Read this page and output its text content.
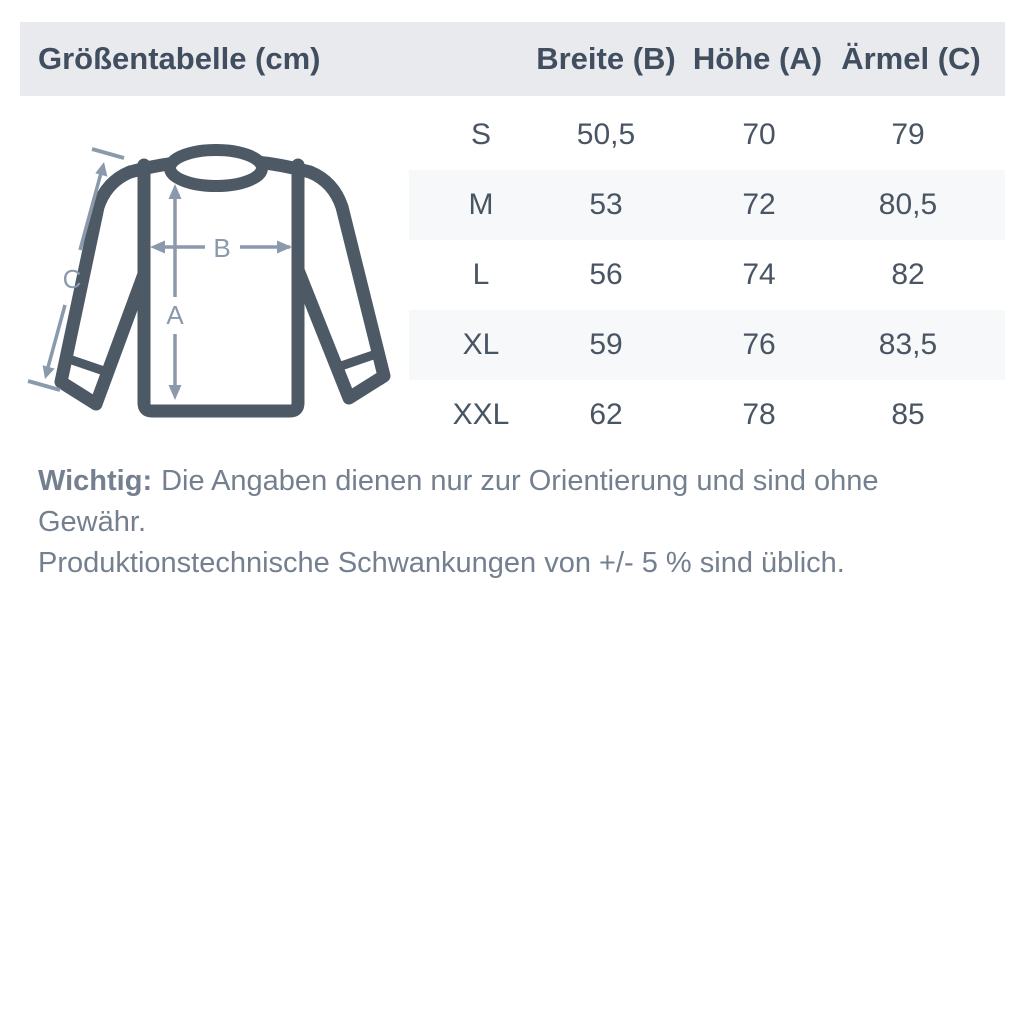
Größentabelle (cm)	Breite (B) Höhe (A) Ärmel (C)
S	50,5	70	79
M	53	72	80,5
L	56	74	82
XL	59	76	83,5
XXL	62	78	85
A
B
C
Wichtig: Die Angaben dienen nur zur Orientierung und sind ohne Gewähr.
Produktionstechnische Schwankungen von +/- 5 % sind üblich.
